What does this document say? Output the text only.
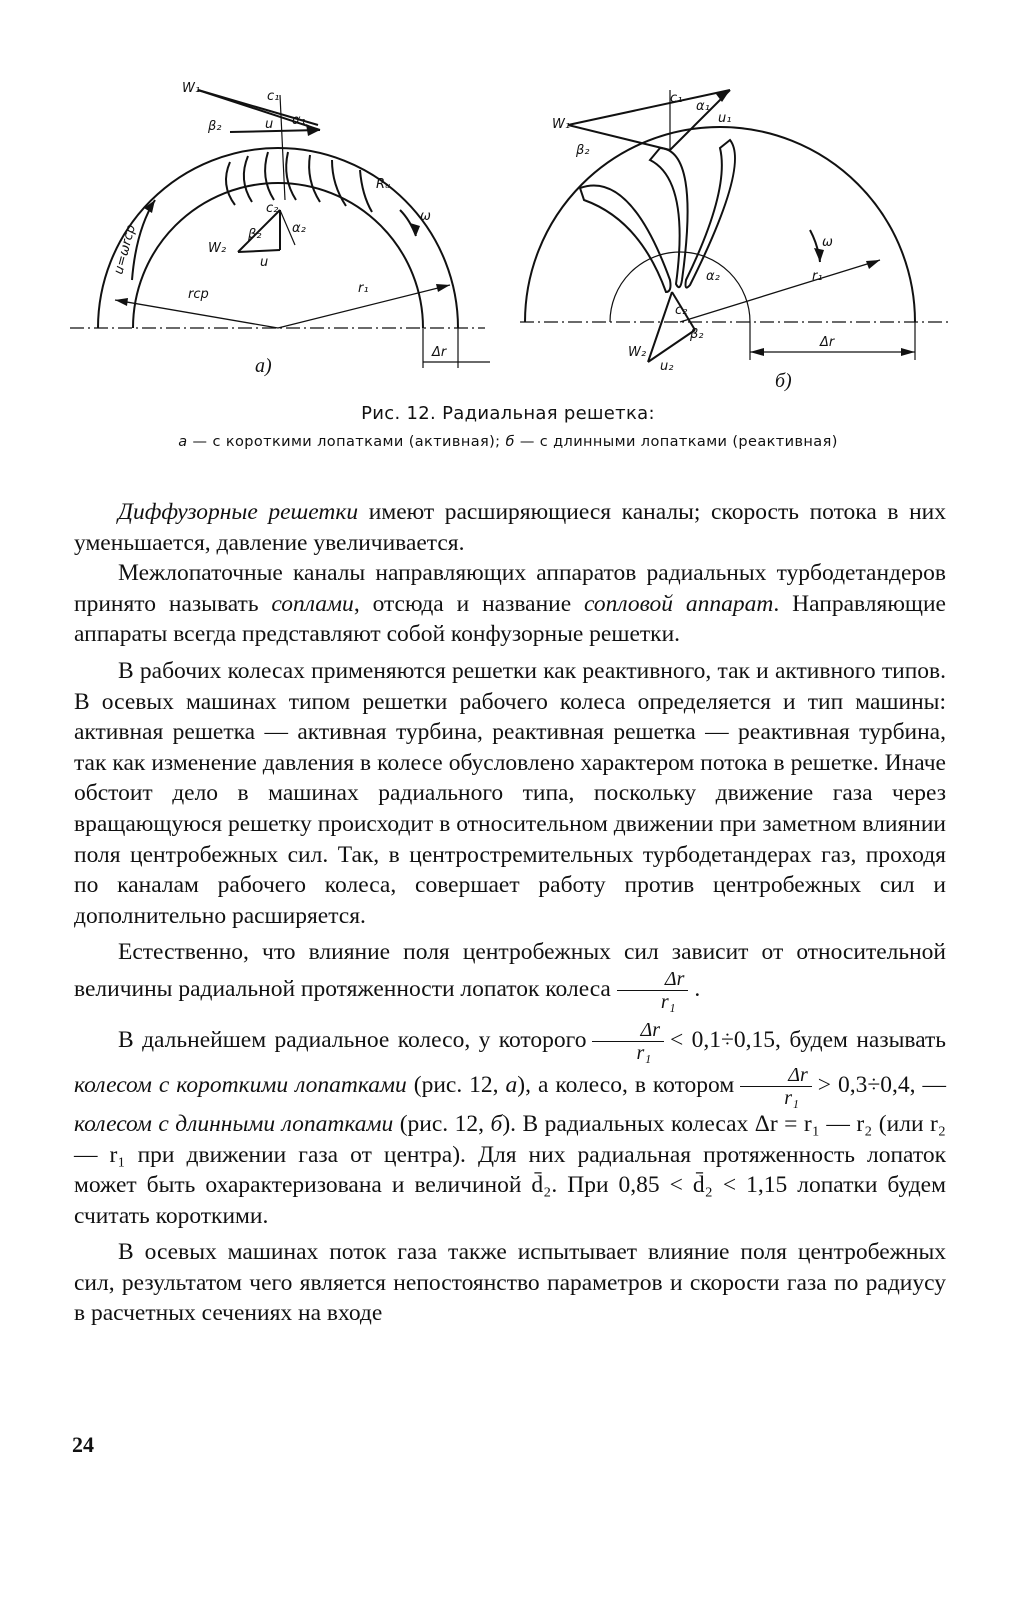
W₁
c₁
β₂	u α₁
Rᵤ
c₂
α₂
W₂
β₂
u
u=ωrср
ω
rср	r₁
Δr
а)
c₁
α₁
u₁
W₁
β₂
ω
α₂	r₁
c₂
β₂
W₂
u₂
Δr
б)
Рис. 12. Радиальная решетка:
а — с короткими лопатками (активная); б — с длинными лопатками (реактивная)

Диффузорные решетки имеют расширяющиеся каналы; скорость потока в них уменьшается, давление увеличивается.

Межлопаточные каналы направляющих аппаратов радиальных турбодетандеров принято называть соплами, отсюда и название сопловой аппарат. Направляющие аппараты всегда представляют собой конфузорные решетки.

В рабочих колесах применяются решетки как реактивного, так и активного типов. В осевых машинах типом решетки рабочего колеса определяется и тип машины: активная решетка — активная турбина, реактивная решетка — реактивная турбина, так как изменение давления в колесе обусловлено характером потока в решетке. Иначе обстоит дело в машинах радиального типа, поскольку движение газа через вращающуюся решетку происходит в относительном движении при заметном влиянии поля центробежных сил. Так, в центростремительных турбодетандерах газ, проходя по каналам рабочего колеса, совершает работу против центробежных сил и дополнительно расширяется.

Естественно, что влияние поля центробежных сил зависит от относительной величины радиальной протяженности лопаток колеса $\frac{\Delta r}{\text{r₁}}$ .

В дальнейшем радиальное колесо, у которого $\frac{\Delta r}{\text{r₁}} < 0,1\div 0,15$, будем называть колесом с короткими лопатками (рис. 12, а), а колесо, в котором $\frac{\Delta r}{\text{r₁}} > 0,3\div 0,4$, — колесом с длинными лопатками (рис. 12, б). В радиальных колесах Δr = r₁ — r₂ (или r₂ — r₁ при движении газа от центра). Для них радиальная протяженность лопаток может быть охарактеризована и величиной d̄₂. При 0,85 < d̄₂ < 1,15 лопатки будем считать короткими.

В осевых машинах поток газа также испытывает влияние поля центробежных сил, результатом чего является непостоянство параметров и скорости газа по радиусу в расчетных сечениях на входе

24
